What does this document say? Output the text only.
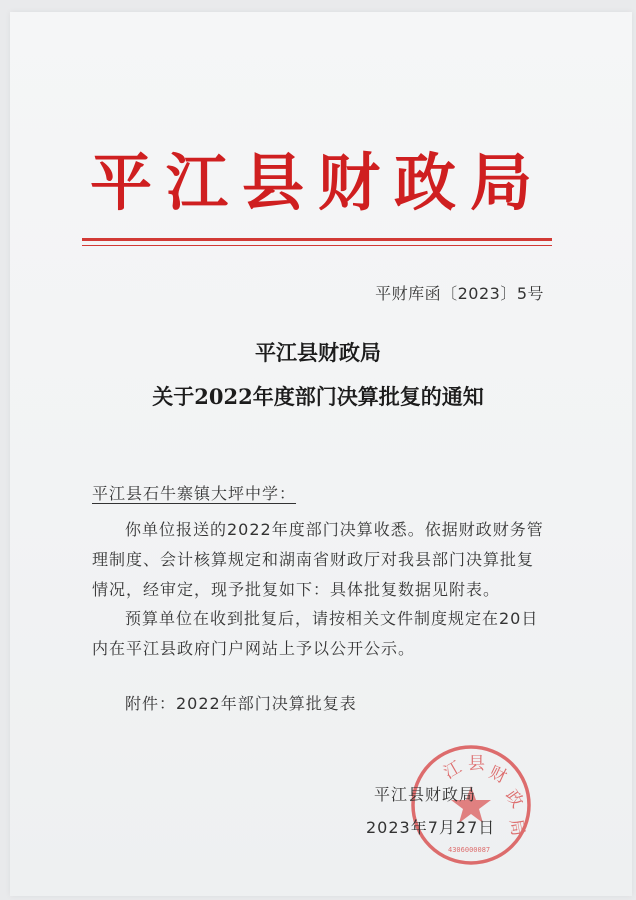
平江县财政局
平财库函〔2023〕5号
平江县财政局
关于2022年度部门决算批复的通知
平江县石牛寨镇大坪中学：
你单位报送的2022年度部门决算收悉。依据财政财务管理制度、会计核算规定和湖南省财政厅对我县部门决算批复情况，经审定，现予批复如下：具体批复数据见附表。
预算单位在收到批复后，请按相关文件制度规定在20日内在平江县政府门户网站上予以公开公示。
附件：2022年部门决算批复表
江 县 财
政
局
4306000087
平江县财政局
2023年7月27日
